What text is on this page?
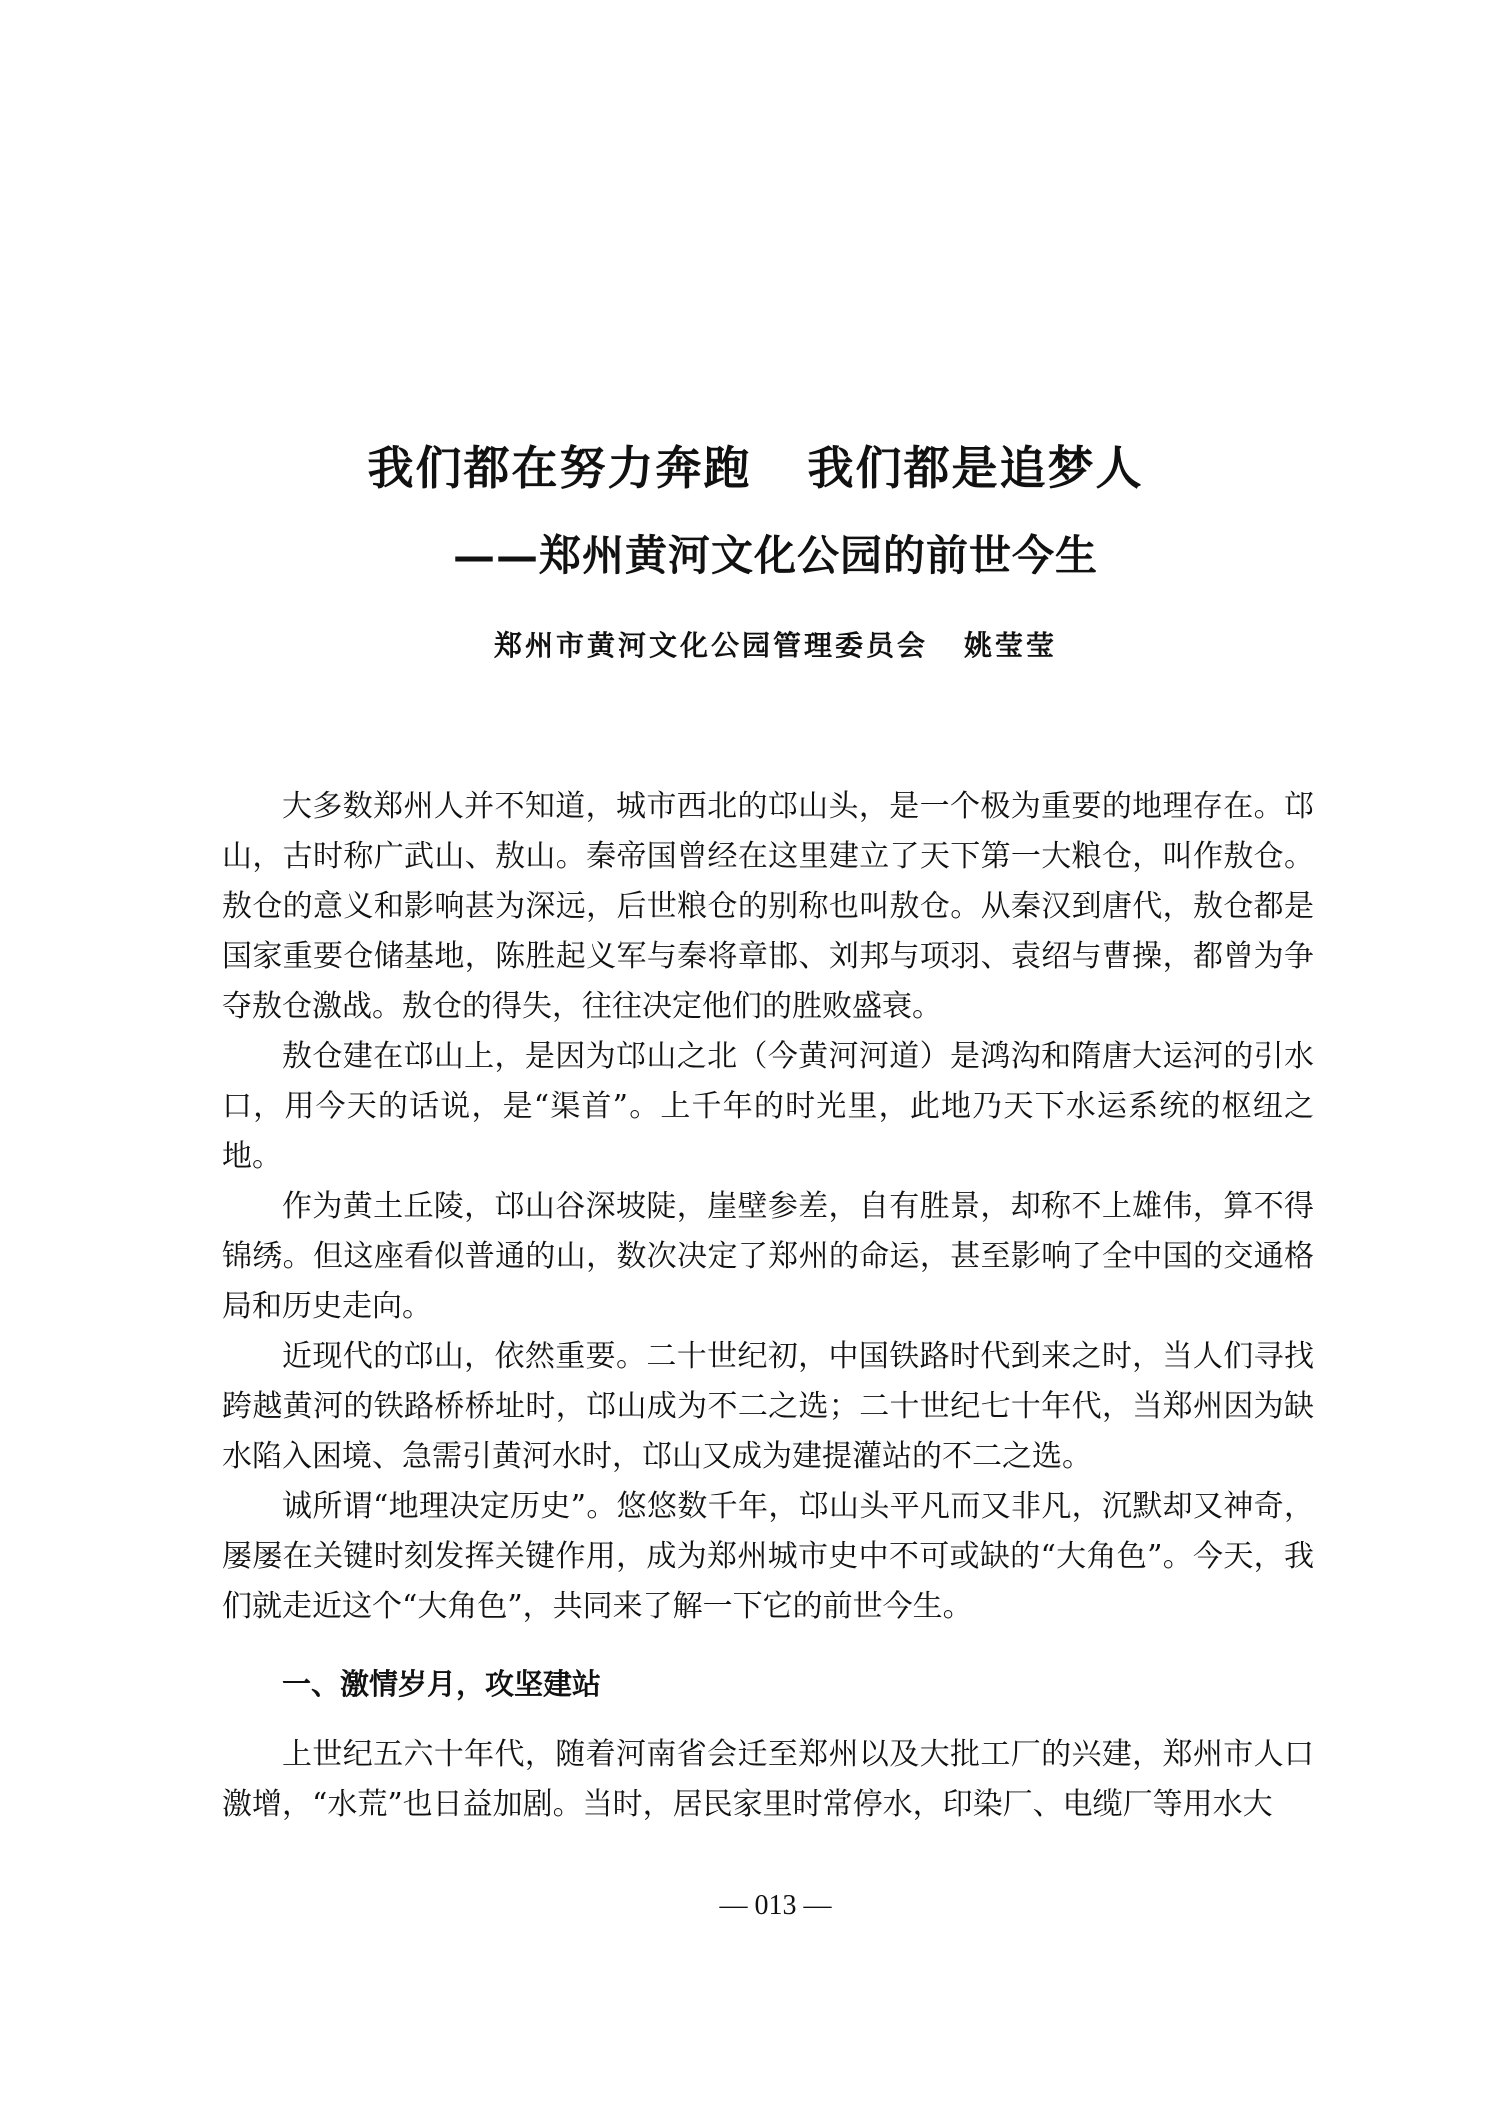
我们都在努力奔跑 我们都是追梦人
——郑州黄河文化公园的前世今生
郑州市黄河文化公园管理委员会 姚莹莹

大多数郑州人并不知道，城市西北的邙山头，是一个极为重要的地理存在。邙山，古时称广武山、敖山。秦帝国曾经在这里建立了天下第一大粮仓，叫作敖仓。敖仓的意义和影响甚为深远，后世粮仓的别称也叫敖仓。从秦汉到唐代，敖仓都是国家重要仓储基地，陈胜起义军与秦将章邯、刘邦与项羽、袁绍与曹操，都曾为争夺敖仓激战。敖仓的得失，往往决定他们的胜败盛衰。

敖仓建在邙山上，是因为邙山之北（今黄河河道）是鸿沟和隋唐大运河的引水口，用今天的话说，是“渠首”。上千年的时光里，此地乃天下水运系统的枢纽之地。

作为黄土丘陵，邙山谷深坡陡，崖壁参差，自有胜景，却称不上雄伟，算不得锦绣。但这座看似普通的山，数次决定了郑州的命运，甚至影响了全中国的交通格局和历史走向。

近现代的邙山，依然重要。二十世纪初，中国铁路时代到来之时，当人们寻找跨越黄河的铁路桥桥址时，邙山成为不二之选；二十世纪七十年代，当郑州因为缺水陷入困境、急需引黄河水时，邙山又成为建提灌站的不二之选。

诚所谓“地理决定历史”。悠悠数千年，邙山头平凡而又非凡，沉默却又神奇，屡屡在关键时刻发挥关键作用，成为郑州城市史中不可或缺的“大角色”。今天，我们就走近这个“大角色”，共同来了解一下它的前世今生。

一、激情岁月，攻坚建站

上世纪五六十年代，随着河南省会迁至郑州以及大批工厂的兴建，郑州市人口激增，“水荒”也日益加剧。当时，居民家里时常停水，印染厂、电缆厂等用水大

— 013 —
